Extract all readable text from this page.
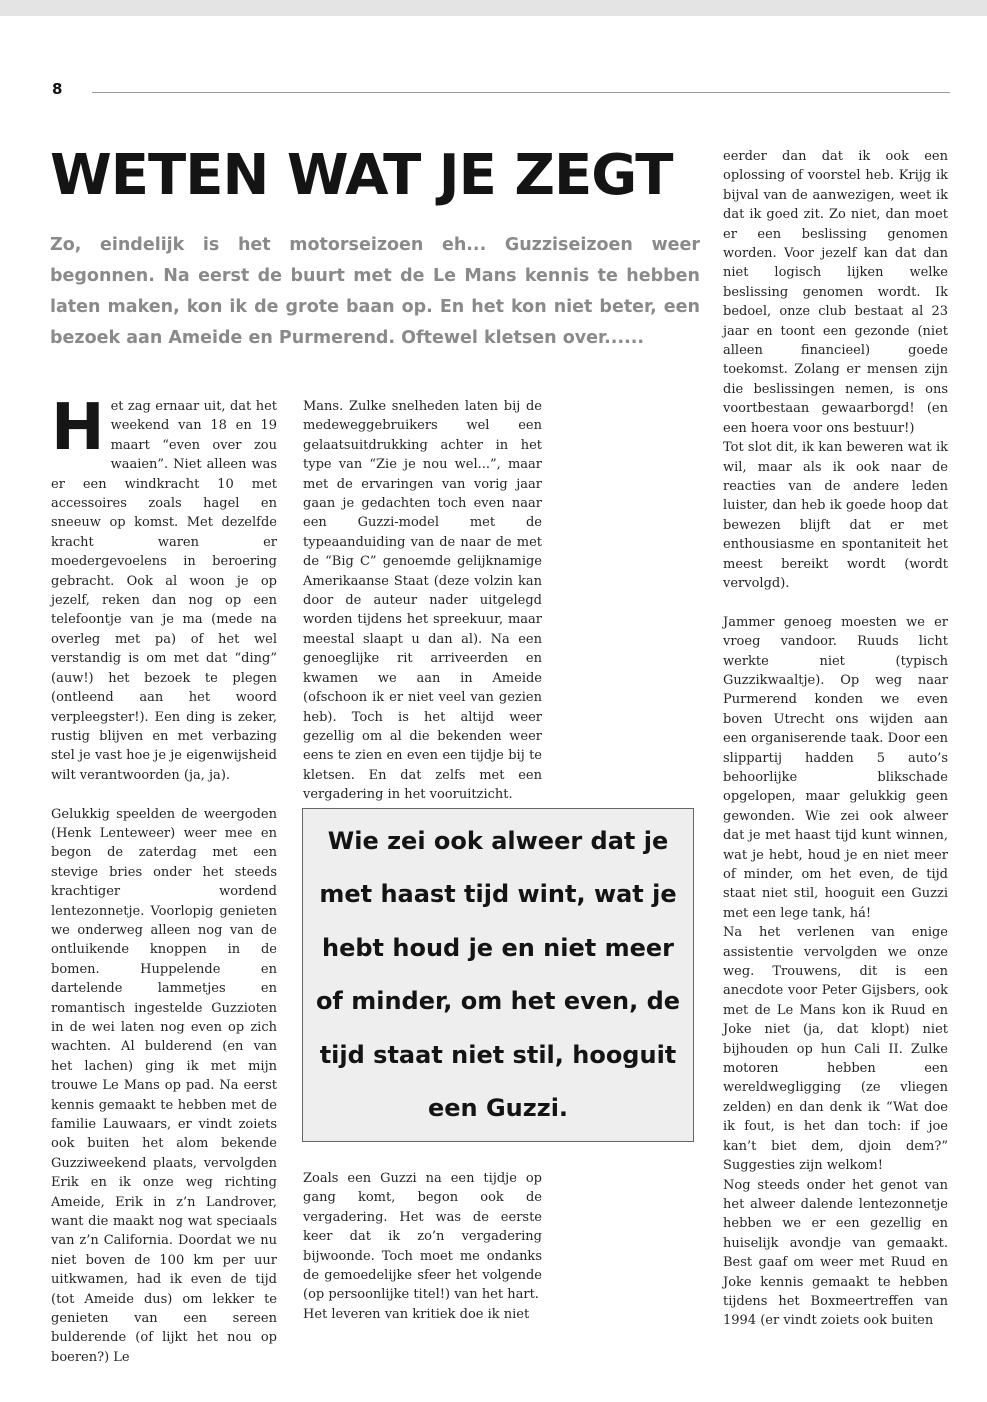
8
WETEN WAT JE ZEGT

Zo, eindelijk is het motorseizoen eh... Guzziseizoen weer begonnen. Na eerst de buurt met de Le Mans kennis te hebben laten maken, kon ik de grote baan op. En het kon niet beter, een bezoek aan Ameide en Purmerend. Oftewel kletsen over......

Het zag ernaar uit, dat het weekend van 18 en 19 maart “even over zou waaien”. Niet alleen was er een windkracht 10 met accessoires zoals hagel en sneeuw op komst. Met dezelfde kracht waren er moedergevoelens in beroering gebracht. Ook al woon je op jezelf, reken dan nog op een telefoontje van je ma (mede na overleg met pa) of het wel verstandig is om met dat “ding” (auw!) het bezoek te plegen (ontleend aan het woord verpleegster!). Een ding is zeker, rustig blijven en met verbazing stel je vast hoe je je eigenwijsheid wilt verantwoorden (ja, ja).

Gelukkig speelden de weergoden (Henk Lenteweer) weer mee en begon de zaterdag met een stevige bries onder het steeds krachtiger wordend lentezonnetje. Voorlopig genieten we onderweg alleen nog van de ontluikende knoppen in de bomen. Huppelende en dartelende lammetjes en romantisch ingestelde Guzzioten in de wei laten nog even op zich wachten. Al bulderend (en van het lachen) ging ik met mijn trouwe Le Mans op pad. Na eerst kennis gemaakt te hebben met de familie Lauwaars, er vindt zoiets ook buiten het alom bekende Guzziweekend plaats, vervolgden Erik en ik onze weg richting Ameide, Erik in z’n Landrover, want die maakt nog wat speciaals van z’n California. Doordat we nu niet boven de 100 km per uur uitkwamen, had ik even de tijd (tot Ameide dus) om lekker te genieten van een sereen bulderende (of lijkt het nou op boeren?) Le

Mans. Zulke snelheden laten bij de medeweggebruikers wel een gelaatsuitdrukking achter in het type van “Zie je nou wel...”, maar met de ervaringen van vorig jaar gaan je gedachten toch even naar een Guzzi-model met de typeaanduiding van de naar de met de “Big C” genoemde gelijknamige Amerikaanse Staat (deze volzin kan door de auteur nader uitgelegd worden tijdens het spreekuur, maar meestal slaapt u dan al). Na een genoeglijke rit arriveerden en kwamen we aan in Ameide (ofschoon ik er niet veel van gezien heb). Toch is het altijd weer gezellig om al die bekenden weer eens te zien en even een tijdje bij te kletsen. En dat zelfs met een vergadering in het vooruitzicht.

Wie zei ook alweer dat je met haast tijd wint, wat je hebt houd je en niet meer of minder, om het even, de tijd staat niet stil, hooguit een Guzzi.

Zoals een Guzzi na een tijdje op gang komt, begon ook de vergadering. Het was de eerste keer dat ik zo’n vergadering bijwoonde. Toch moet me ondanks de gemoedelijke sfeer het volgende (op persoonlijke titel!) van het hart.

Het leveren van kritiek doe ik niet

eerder dan dat ik ook een oplossing of voorstel heb. Krijg ik bijval van de aanwezigen, weet ik dat ik goed zit. Zo niet, dan moet er een beslissing genomen worden. Voor jezelf kan dat dan niet logisch lijken welke beslissing genomen wordt. Ik bedoel, onze club bestaat al 23 jaar en toont een gezonde (niet alleen financieel) goede toekomst. Zolang er mensen zijn die beslissingen nemen, is ons voortbestaan gewaarborgd! (en een hoera voor ons bestuur!)

Tot slot dit, ik kan beweren wat ik wil, maar als ik ook naar de reacties van de andere leden luister, dan heb ik goede hoop dat bewezen blijft dat er met enthousiasme en spontaniteit het meest bereikt wordt (wordt vervolgd).

Jammer genoeg moesten we er vroeg vandoor. Ruuds licht werkte niet (typisch Guzzikwaaltje). Op weg naar Purmerend konden we even boven Utrecht ons wijden aan een organiserende taak. Door een slippartij hadden 5 auto’s behoorlijke blikschade opgelopen, maar gelukkig geen gewonden. Wie zei ook alweer dat je met haast tijd kunt winnen, wat je hebt, houd je en niet meer of minder, om het even, de tijd staat niet stil, hooguit een Guzzi met een lege tank, há!

Na het verlenen van enige assistentie vervolgden we onze weg. Trouwens, dit is een anecdote voor Peter Gijsbers, ook met de Le Mans kon ik Ruud en Joke niet (ja, dat klopt) niet bijhouden op hun Cali II. Zulke motoren hebben een wereldwegligging (ze vliegen zelden) en dan denk ik “Wat doe ik fout, is het dan toch: if joe kan’t biet dem, djoin dem?” Suggesties zijn welkom!

Nog steeds onder het genot van het alweer dalende lentezonnetje hebben we er een gezellig en huiselijk avondje van gemaakt. Best gaaf om weer met Ruud en Joke kennis gemaakt te hebben tijdens het Boxmeertreffen van 1994 (er vindt zoiets ook buiten
